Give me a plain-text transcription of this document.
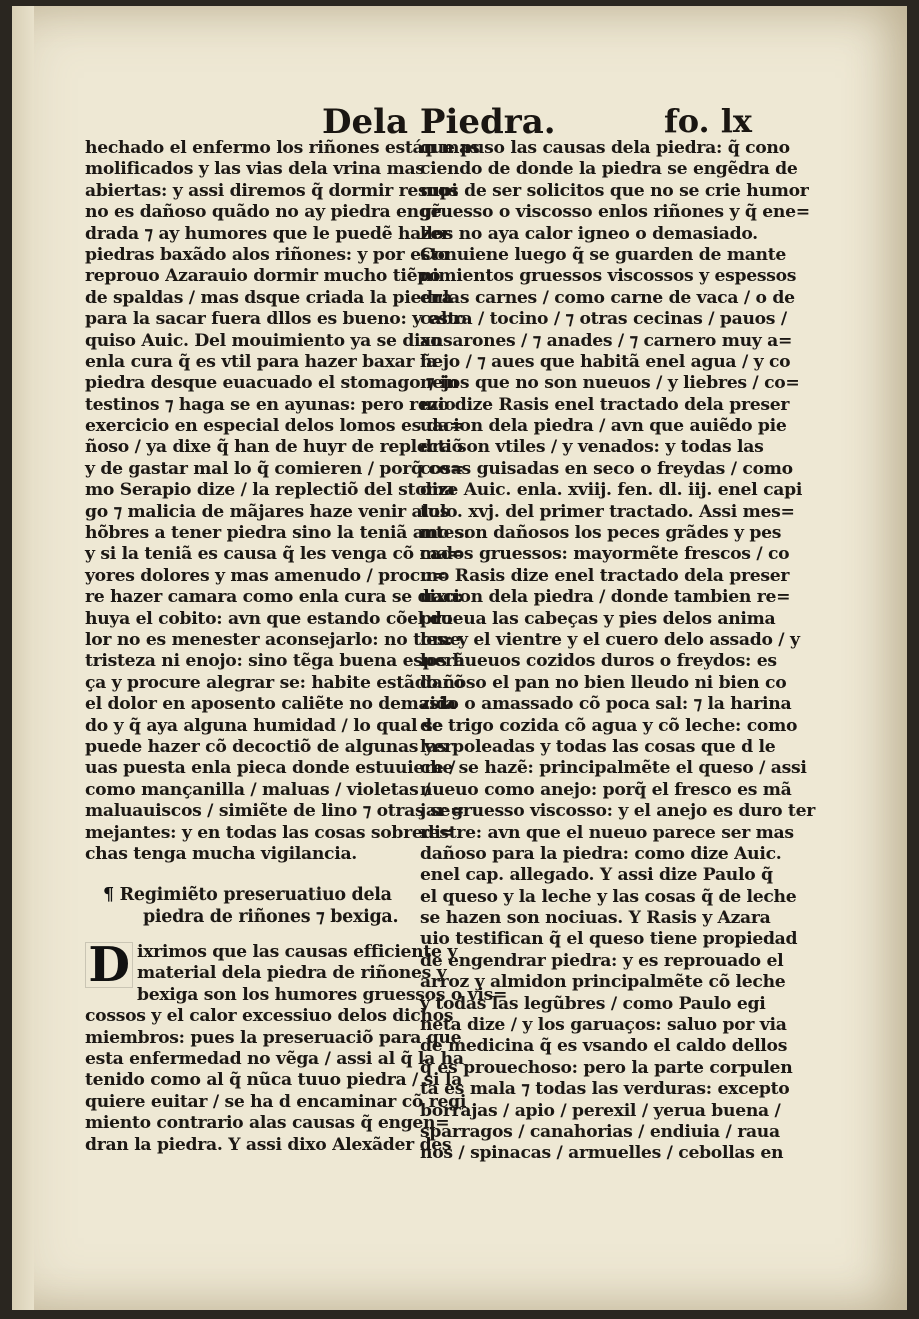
Dela Piedra.	fo. lx
hechado el enfermo los riñones están mas
molificados y las vias dela vrina mas
abiertas: y assi diremos q̃ dormir resupi
no es dañoso quãdo no ay piedra engẽ
drada ⁊ ay humores que le puedẽ hazer
piedras baxãdo alos riñones: y por esto
reprouo Azarauio dormir mucho tiẽpo
de spaldas / mas dsque criada la piedra
para la sacar fuera dllos es bueno: y esto
quiso Auic. Del mouimiento ya se dixo
enla cura q̃ es vtil para hazer baxar la
piedra desque euacuado el stomago ⁊ in
testinos ⁊ haga se en ayunas: pero rezio
exercicio en especial delos lomos es da=
ñoso / ya dixe q̃ han de huyr de replectiõ
y de gastar mal lo q̃ comieren / porq̃ co=
mo Serapio dize / la replectiõ del stoma
go ⁊ malicia de mãjares haze venir alos
hõbres a tener piedra sino la teniã antes:
y si la teniã es causa q̃ les venga cõ ma=
yores dolores y mas amenudo / procu=
re hazer camara como enla cura se dixo:
huya el cobito: avn que estando cõel do
lor no es menester aconsejarlo: no tome
tristeza ni enojo: sino tẽga buena esperã
ça y procure alegrar se: habite estãdo cõ
el dolor en aposento caliẽte no demasia
do y q̃ aya alguna humidad / lo qual se
puede hazer cõ decoctiõ de algunas yer
uas puesta enla piecа donde estuuiere /
como mançanilla / maluas / violetas /
maluauiscos / simiẽte de lino ⁊ otras se=
mejantes: y en todas las cosas sobredi=
chas tenga mucha vigilancia.
¶ Regimiẽto preseruatiuo dela
piedra de riñones ⁊ bexiga.
D ixrimos que las causas efficiente y
material dela piedra de riñones y
bexiga son los humores gruessos o vis=
cossos y el calor excessiuo delos dichos
miembros: pues la preseruaciõ para que
esta enfermedad no vẽga / assi al q̃ la ha
tenido como al q̃ nũca tuuo piedra / si la
quiere euitar / se ha d encaminar cõ regi
miento contrario alas causas q̃ engen=
dran la piedra. Y assi dixo Alexãder des
que puso las causas dela piedra: q̃ cono
ciendo de donde la piedra se engẽdra de
mos de ser solicitos que no se crie humor
gruesso o viscosso enlos riñones y q̃ ene=
llos no aya calor igneo o demasiado.
Conuiene luego q̃ se guarden de mante
nimientos gruessos viscossos y espessos
enlas carnes / como carne de vaca / o de
cabra / tocino / ⁊ otras cecinas / pauos /
ansarones / ⁊ anades / ⁊ carnero muy a=
ñejo / ⁊ aues que habitã enel agua / y co
nejos que no son nueuos / y liebres / co=
mo dize Rasis enel tractado dela preser
uacion dela piedra / avn que auiẽdo pie
dra son vtiles / y venados: y todas las
cosas guisadas en seco o freydas / como
dize Auic. enla. xviij. fen. dl. iij. enel capi
tulo. xvj. del primer tractado. Assi mes=
mo son dañosos los peces grãdes y pes
cados gruessos: mayormẽte frescos / co
mo Rasis dize enel tractado dela preser
uacion dela piedra / donde tambien re=
prueua las cabeças y pies delos anima
les: y el vientre y el cuero delo assado / y
los hueuos cozidos duros o freydos: es
dañoso el pan no bien lleudo ni bien co
zido o amassado cõ poca sal: ⁊ la harina
de trigo cozida cõ agua y cõ leche: como
las poleadas y todas las cosas que d le
che se hazẽ: principalmẽte el queso / assi
nueuo como anejo: porq̃ el fresco es mã
jar gruesso viscosso: y el anejo es duro ter
restre: avn que el nueuo parece ser mas
dañoso para la piedra: como dize Auic.
enel cap. allegado. Y assi dize Paulo q̃
el queso y la leche y las cosas q̃ de leche
se hazen son nociuas. Y Rasis y Azara
uio testifican q̃ el queso tiene propiedad
de engendrar piedra: y es reprouado el
arroz y almidon principalmẽte cõ leche
y todas las legũbres / como Paulo egi
neta dize / y los garuaços: saluo por via
de medicina q̃ es vsando el caldo dellos
q̃ es prouechoso: pero la parte corpulen
ta es mala ⁊ todas las verduras: excepto
borrajas / apio / perexil / yerua buena /
sparragos / canahorias / endiuia / rauа
nos / spinacas / armuelles / cebollas en
